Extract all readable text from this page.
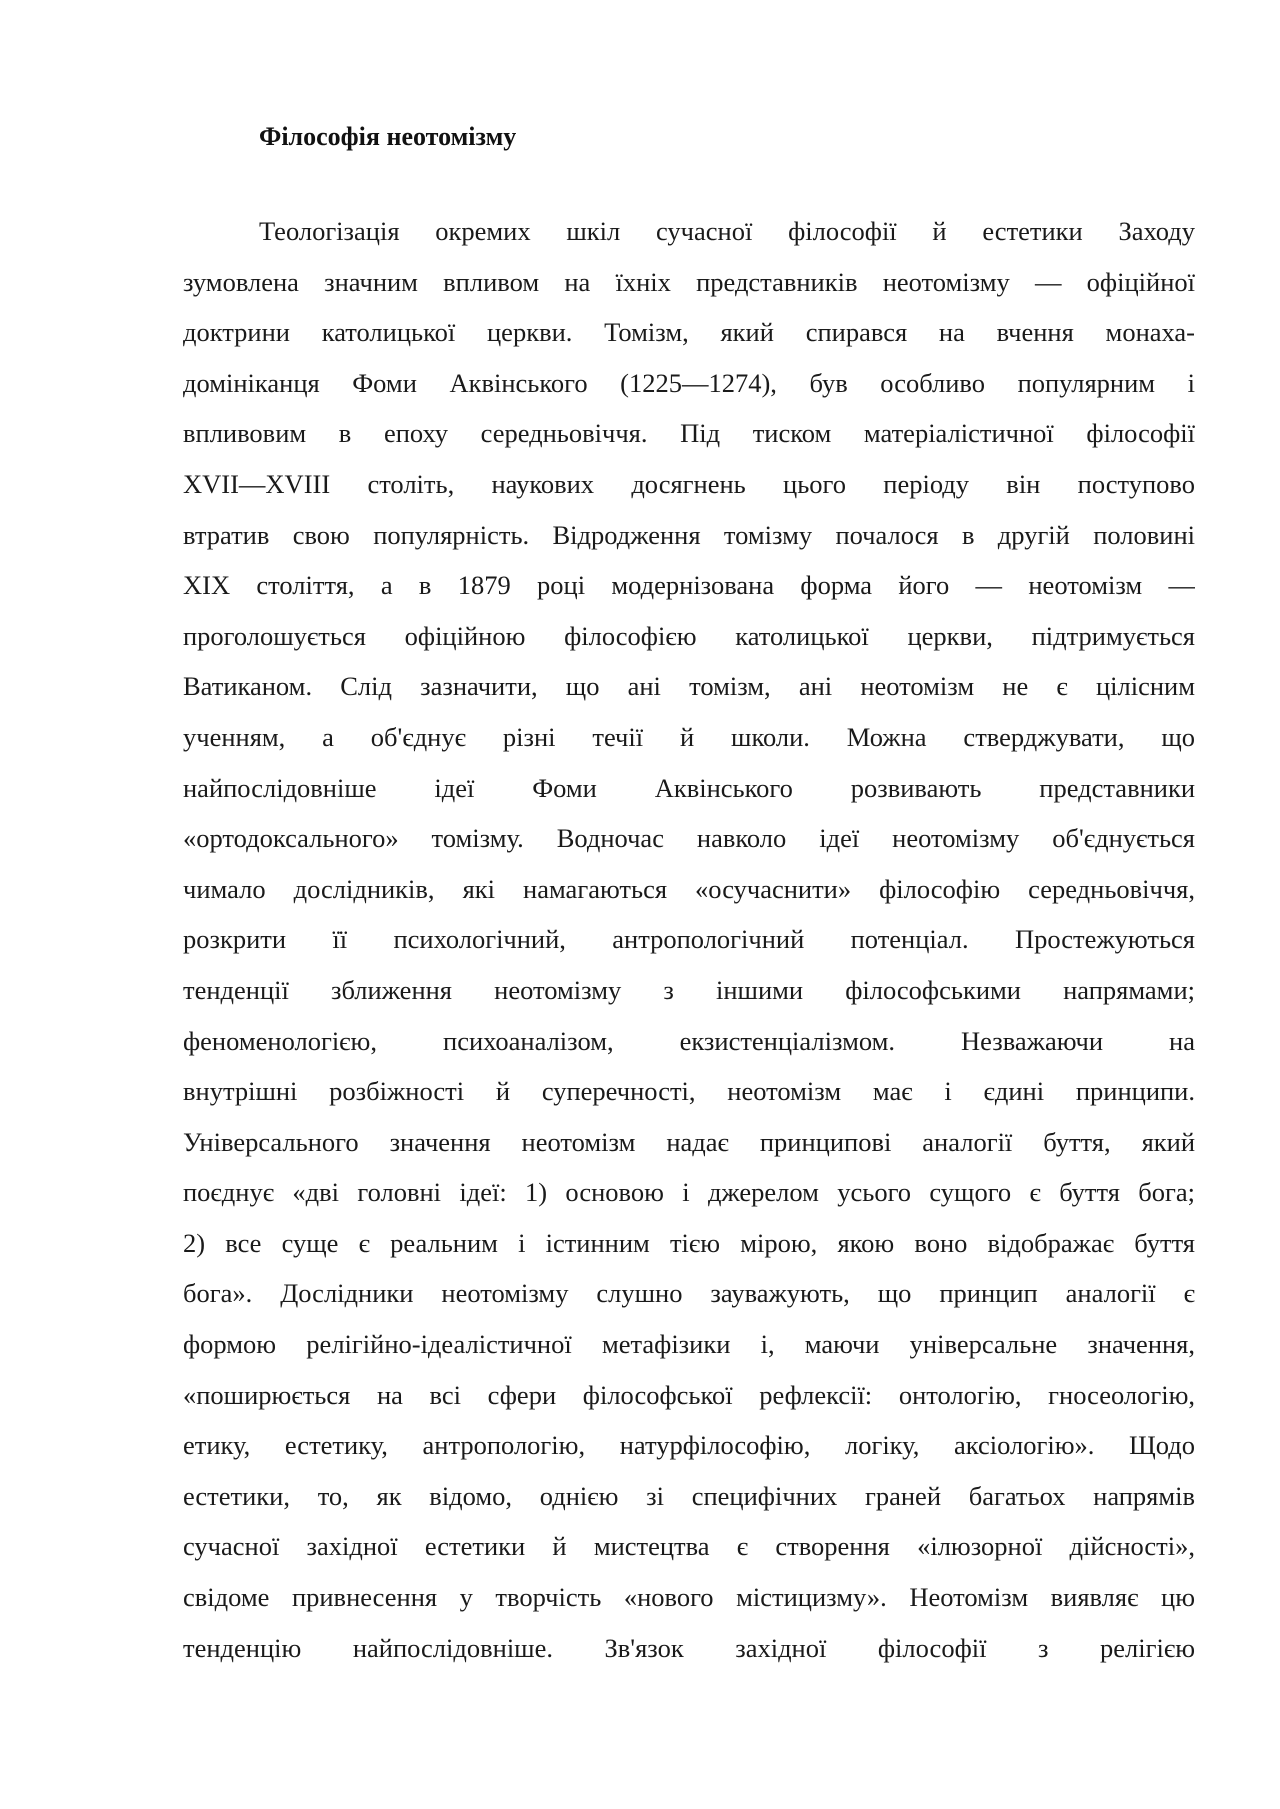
Філософія неотомізму
Теологізація окремих шкіл сучасної філософії й естетики Заходу
зумовлена значним впливом на їхніх представників неотомізму — офіційної
доктрини католицької церкви. Томізм, який спирався на вчення монаха-
домініканця Фоми Аквінського (1225—1274), був особливо популярним і
впливовим в епоху середньовіччя. Під тиском матеріалістичної філософії
XVII—XVIII століть, наукових досягнень цього періоду він поступово
втратив свою популярність. Відродження томізму почалося в другій половині
XIX століття, а в 1879 році модернізована форма його — неотомізм —
проголошується офіційною філософією католицької церкви, підтримується
Ватиканом. Слід зазначити, що ані томізм, ані неотомізм не є цілісним
ученням, а об'єднує різні течії й школи. Можна стверджувати, що
найпослідовніше ідеї Фоми Аквінського розвивають представники
«ортодоксального» томізму. Водночас навколо ідеї неотомізму об'єднується
чимало дослідників, які намагаються «осучаснити» філософію середньовіччя,
розкрити її психологічний, антропологічний потенціал. Простежуються
тенденції зближення неотомізму з іншими філософськими напрямами;
феноменологією, психоаналізом, екзистенціалізмом. Незважаючи на
внутрішні розбіжності й суперечності, неотомізм має і єдині принципи.
Універсального значення неотомізм надає принципові аналогії буття, який
поєднує «дві головні ідеї: 1) основою і джерелом усього сущого є буття бога;
2) все суще є реальним і істинним тією мірою, якою воно відображає буття
бога». Дослідники неотомізму слушно зауважують, що принцип аналогії є
формою релігійно-ідеалістичної метафізики і, маючи універсальне значення,
«поширюється на всі сфери філософської рефлексії: онтологію, гносеологію,
етику, естетику, антропологію, натурфілософію, логіку, аксіологію». Щодо
естетики, то, як відомо, однією зі специфічних граней багатьох напрямів
сучасної західної естетики й мистецтва є створення «ілюзорної дійсності»,
свідоме привнесення у творчість «нового містицизму». Неотомізм виявляє цю
тенденцію найпослідовніше. Зв'язок західної філософії з релігією
